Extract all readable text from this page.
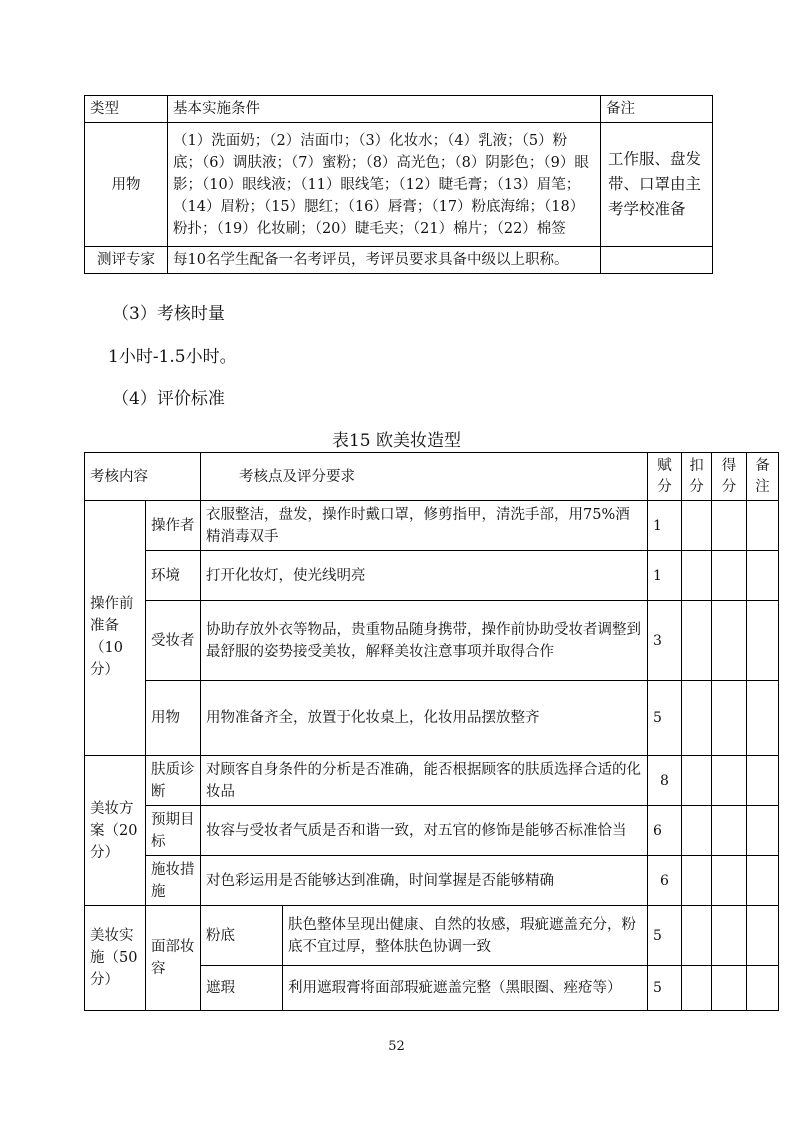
类型	基本实施条件	备注
用物	（1）洗面奶；（2）洁面巾；（3）化妆水；（4）乳液；（5）粉底；（6）调肤液；（7）蜜粉；（8）高光色；（8）阴影色；（9）眼影；（10）眼线液；（11）眼线笔；（12）睫毛膏；（13）眉笔；（14）眉粉；（15）腮红；（16）唇膏；（17）粉底海绵；（18）粉扑；（19）化妆刷；（20）睫毛夹；（21）棉片；（22）棉签	工作服、盘发带、口罩由主考学校准备
测评专家	每10名学生配备一名考评员，考评员要求具备中级以上职称。	

（3）考核时量

1小时-1.5小时。

（4）评价标准

表15 欧美妆造型

考核内容		考核点及评分要求		赋分	扣分	得分	备注
操作前准备（10分）	操作者	衣服整洁，盘发，操作时戴口罩，修剪指甲，清洗手部，用75%酒精消毒双手		1			
	环境	打开化妆灯，使光线明亮		1			
	受妆者	协助存放外衣等物品，贵重物品随身携带，操作前协助受妆者调整到最舒服的姿势接受美妆，解释美妆注意事项并取得合作		3			
	用物	用物准备齐全，放置于化妆桌上，化妆用品摆放整齐		5			
美妆方案（20分）	肤质诊断	对顾客自身条件的分析是否准确，能否根据顾客的肤质选择合适的化妆品		8			
	预期目标	妆容与受妆者气质是否和谐一致，对五官的修饰是能够否标准恰当		6			
	施妆措施	对色彩运用是否能够达到准确，时间掌握是否能够精确		6			
美妆实施（50分）	面部妆容	粉底	肤色整体呈现出健康、自然的妆感，瑕疵遮盖充分，粉底不宜过厚，整体肤色协调一致	5			
		遮瑕	利用遮瑕膏将面部瑕疵遮盖完整（黑眼圈、痤疮等）	5			
52
